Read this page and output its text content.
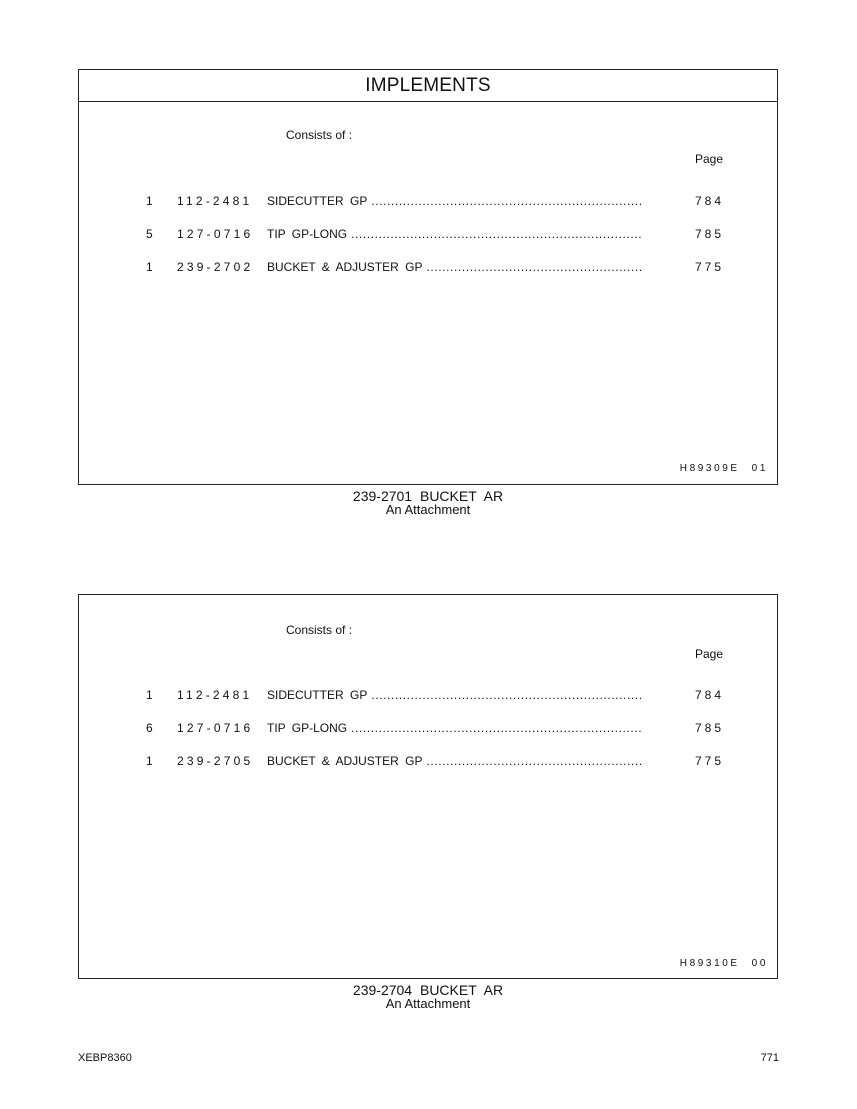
IMPLEMENTS
Consists of :
Page
1 112-2481 SIDECUTTER GP .....	784
5 127-0716 TIP GP-LONG .....	785
1 239-2702 BUCKET & ADJUSTER GP .....	775
H89309E 01
239-2701 BUCKET AR
An Attachment
Consists of :
Page
1 112-2481 SIDECUTTER GP .....	784
6 127-0716 TIP GP-LONG .....	785
1 239-2705 BUCKET & ADJUSTER GP .....	775
H89310E 00
239-2704 BUCKET AR
An Attachment
XEBP8360	771
